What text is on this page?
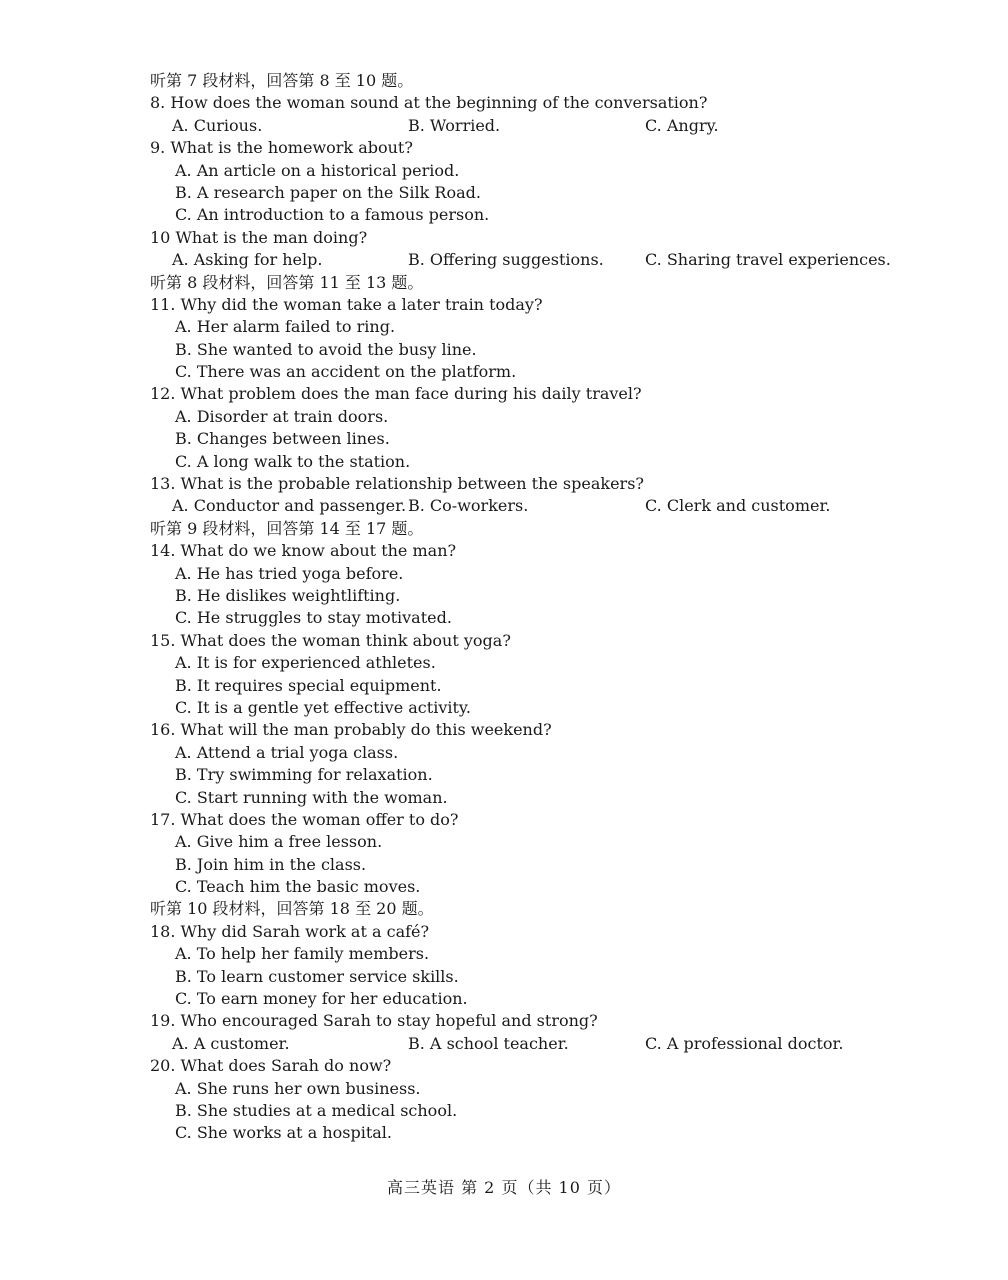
听第 7 段材料，回答第 8 至 10 题。
8. How does the woman sound at the beginning of the conversation?
A. Curious.	B. Worried.	C. Angry.
9. What is the homework about?
A. An article on a historical period.
B. A research paper on the Silk Road.
C. An introduction to a famous person.
10 What is the man doing?
A. Asking for help.	B. Offering suggestions.	C. Sharing travel experiences.
听第 8 段材料，回答第 11 至 13 题。
11. Why did the woman take a later train today?
A. Her alarm failed to ring.
B. She wanted to avoid the busy line.
C. There was an accident on the platform.
12. What problem does the man face during his daily travel?
A. Disorder at train doors.
B. Changes between lines.
C. A long walk to the station.
13. What is the probable relationship between the speakers?
A. Conductor and passenger. B. Co-workers.	C. Clerk and customer.
听第 9 段材料，回答第 14 至 17 题。
14. What do we know about the man?
A. He has tried yoga before.
B. He dislikes weightlifting.
C. He struggles to stay motivated.
15. What does the woman think about yoga?
A. It is for experienced athletes.
B. It requires special equipment.
C. It is a gentle yet effective activity.
16. What will the man probably do this weekend?
A. Attend a trial yoga class.
B. Try swimming for relaxation.
C. Start running with the woman.
17. What does the woman offer to do?
A. Give him a free lesson.
B. Join him in the class.
C. Teach him the basic moves.
听第 10 段材料，回答第 18 至 20 题。
18. Why did Sarah work at a café?
A. To help her family members.
B. To learn customer service skills.
C. To earn money for her education.
19. Who encouraged Sarah to stay hopeful and strong?
A. A customer.	B. A school teacher.	C. A professional doctor.
20. What does Sarah do now?
A. She runs her own business.
B. She studies at a medical school.
C. She works at a hospital.
高三英语 第 2 页（共 10 页）
